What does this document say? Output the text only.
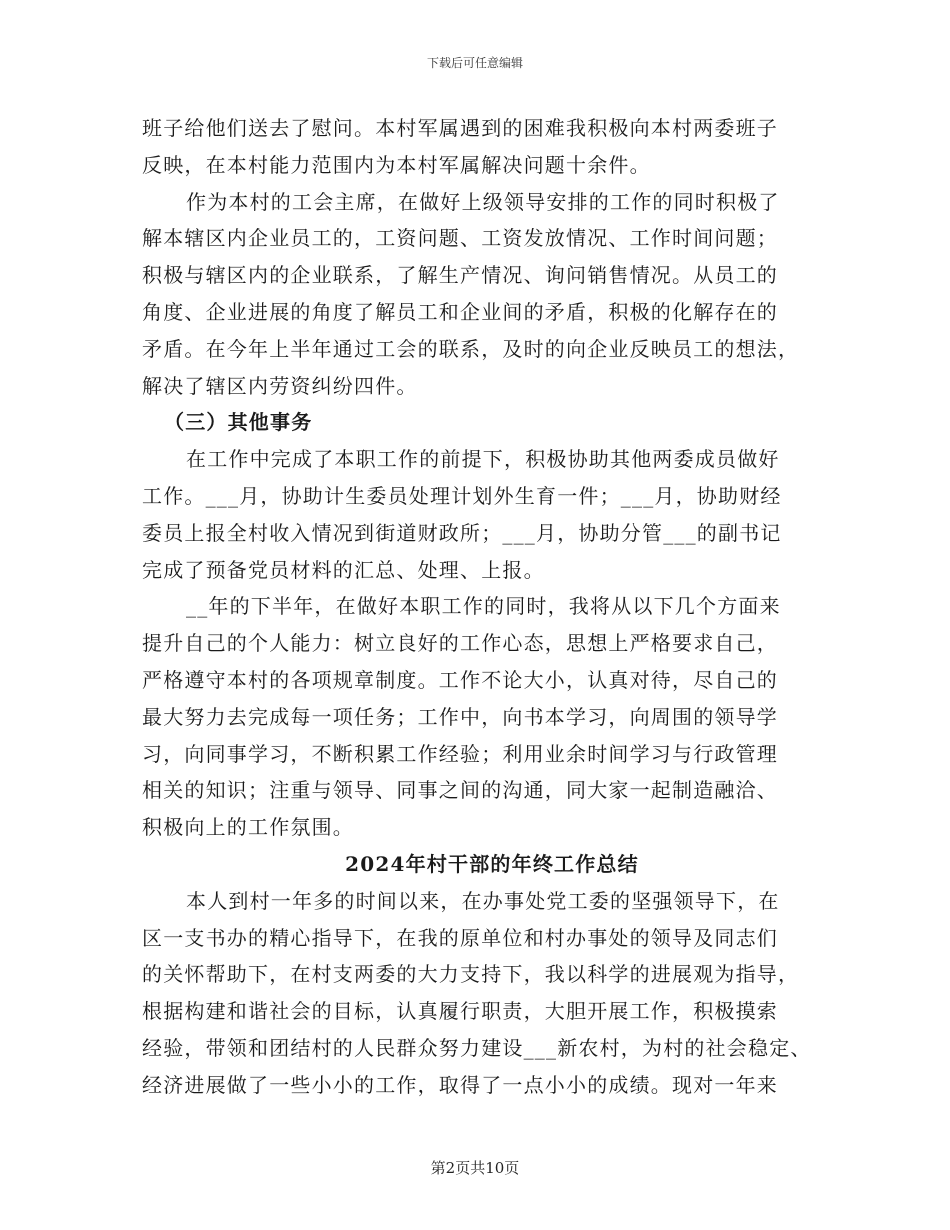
下载后可任意编辑
班子给他们送去了慰问。本村军属遇到的困难我积极向本村两委班子
反映，在本村能力范围内为本村军属解决问题十余件。
作为本村的工会主席，在做好上级领导安排的工作的同时积极了
解本辖区内企业员工的，工资问题、工资发放情况、工作时间问题；
积极与辖区内的企业联系，了解生产情况、询问销售情况。从员工的
角度、企业进展的角度了解员工和企业间的矛盾，积极的化解存在的
矛盾。在今年上半年通过工会的联系，及时的向企业反映员工的想法，
解决了辖区内劳资纠纷四件。
（三）其他事务
在工作中完成了本职工作的前提下，积极协助其他两委成员做好
工作。___月，协助计生委员处理计划外生育一件；___月，协助财经
委员上报全村收入情况到街道财政所；___月，协助分管___的副书记
完成了预备党员材料的汇总、处理、上报。
__年的下半年，在做好本职工作的同时，我将从以下几个方面来
提升自己的个人能力：树立良好的工作心态，思想上严格要求自己，
严格遵守本村的各项规章制度。工作不论大小，认真对待，尽自己的
最大努力去完成每一项任务；工作中，向书本学习，向周围的领导学
习，向同事学习，不断积累工作经验；利用业余时间学习与行政管理
相关的知识；注重与领导、同事之间的沟通，同大家一起制造融洽、
积极向上的工作氛围。
2024年村干部的年终工作总结
本人到村一年多的时间以来，在办事处党工委的坚强领导下，在
区一支书办的精心指导下，在我的原单位和村办事处的领导及同志们
的关怀帮助下，在村支两委的大力支持下，我以科学的进展观为指导，
根据构建和谐社会的目标，认真履行职责，大胆开展工作，积极摸索
经验，带领和团结村的人民群众努力建设___新农村，为村的社会稳定、
经济进展做了一些小小的工作，取得了一点小小的成绩。现对一年来
第2页共10页
